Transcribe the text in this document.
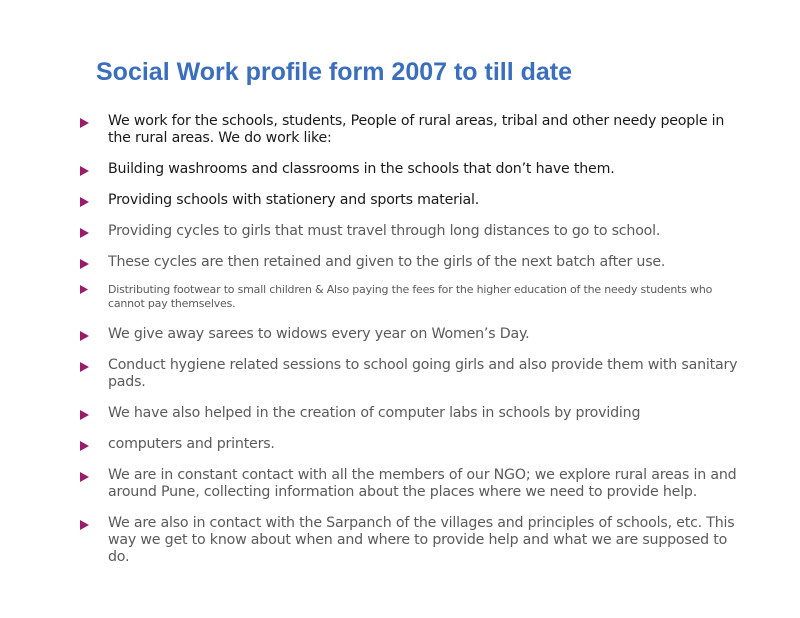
Social Work profile form 2007 to till date
We work for the schools, students, People of rural areas, tribal and other needy people in the rural areas. We do work like:
Building washrooms and classrooms in the schools that don’t have them.
Providing schools with stationery and sports material.
Providing cycles to girls that must travel through long distances to go to school.
These cycles are then retained and given to the girls of the next batch after use.
Distributing footwear to small children & Also paying the fees for the higher education of the needy students who cannot pay themselves.
We give away sarees to widows every year on Women’s Day.
Conduct hygiene related sessions to school going girls and also provide them with sanitary pads.
We have also helped in the creation of computer labs in schools by providing
computers and printers.
We are in constant contact with all the members of our NGO; we explore rural areas in and around Pune, collecting information about the places where we need to provide help.
We are also in contact with the Sarpanch of the villages and principles of schools, etc. This way we get to know about when and where to provide help and what we are supposed to do.
